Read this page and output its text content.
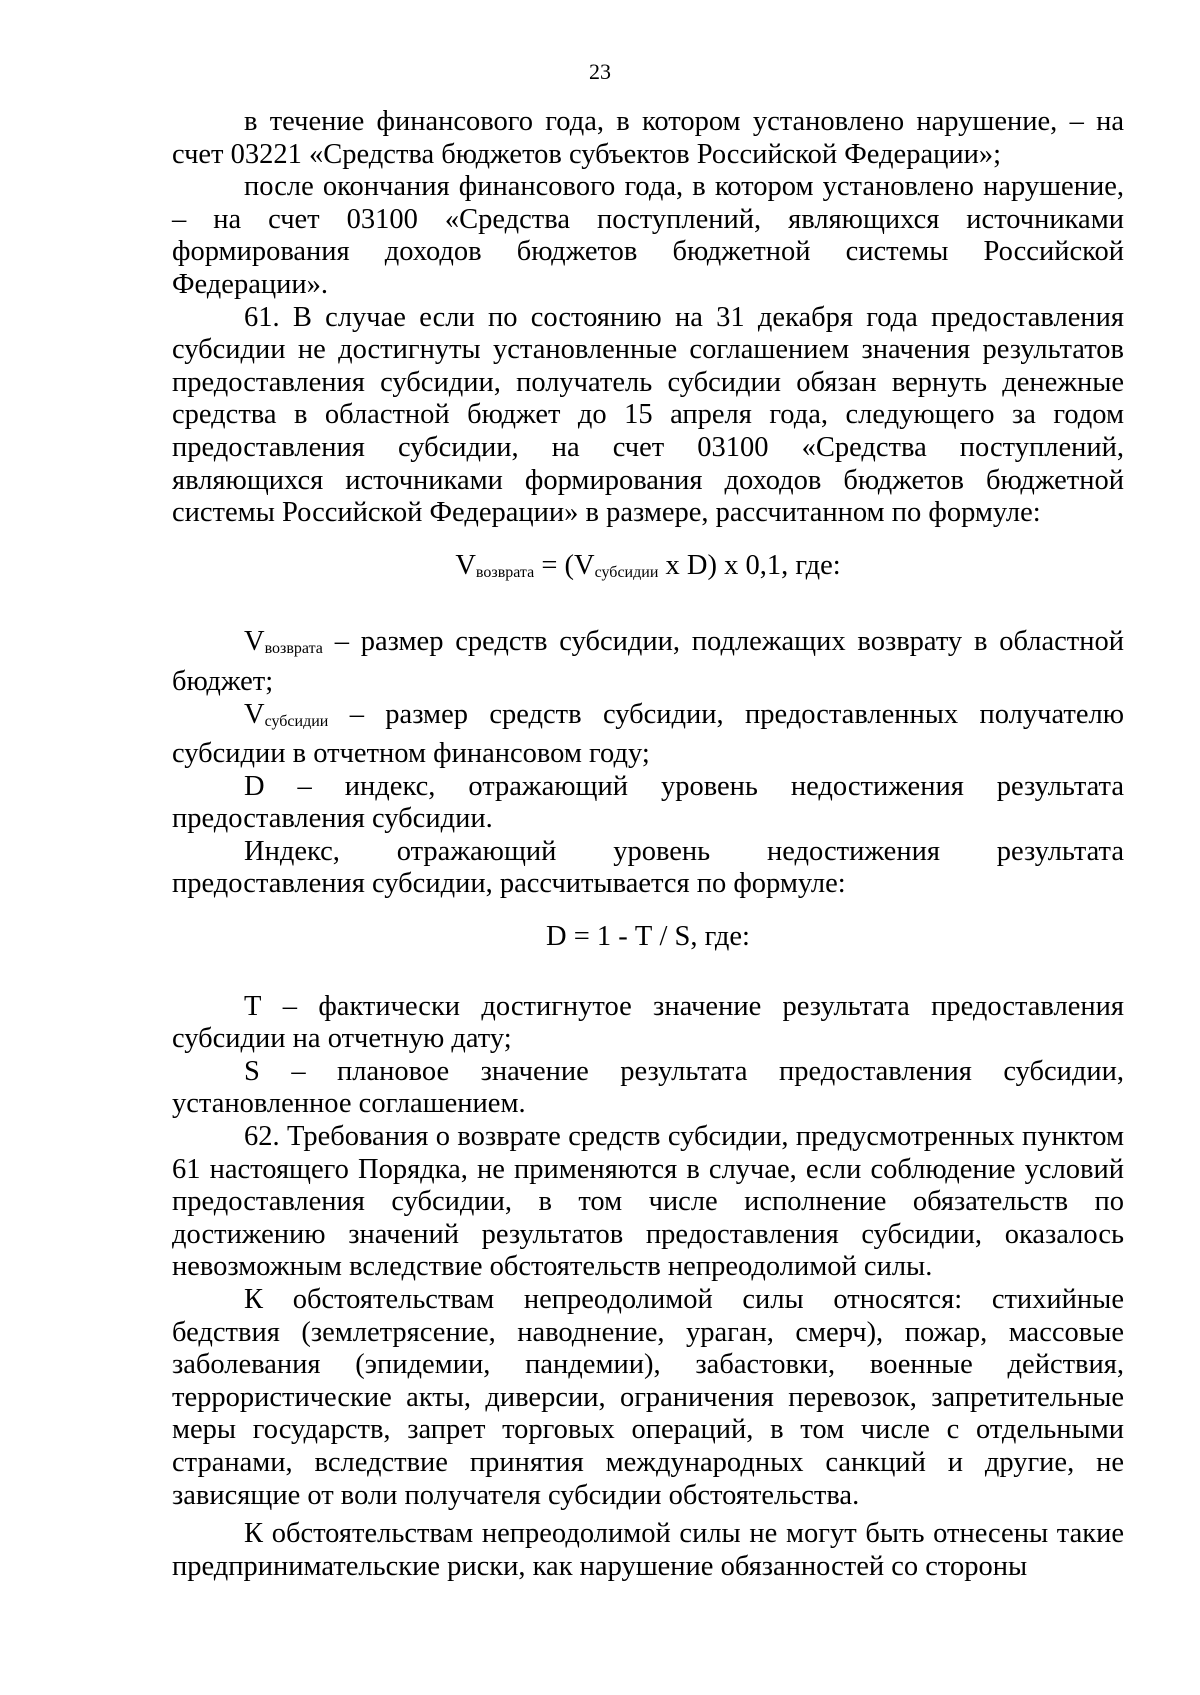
23

в течение финансового года, в котором установлено нарушение, – на счет 03221 «Средства бюджетов субъектов Российской Федерации»;

после окончания финансового года, в котором установлено нарушение, – на счет 03100 «Средства поступлений, являющихся источниками формирования доходов бюджетов бюджетной системы Российской Федерации».

61. В случае если по состоянию на 31 декабря года предоставления субсидии не достигнуты установленные соглашением значения результатов предоставления субсидии, получатель субсидии обязан вернуть денежные средства в областной бюджет до 15 апреля года, следующего за годом предоставления субсидии, на счет 03100 «Средства поступлений, являющихся источниками формирования доходов бюджетов бюджетной системы Российской Федерации» в размере, рассчитанном по формуле:

Vвозврата = (Vсубсидии x D) x 0,1, где:

Vвозврата – размер средств субсидии, подлежащих возврату в областной бюджет;

Vсубсидии – размер средств субсидии, предоставленных получателю субсидии в отчетном финансовом году;

D – индекс, отражающий уровень недостижения результата предоставления субсидии.

Индекс, отражающий уровень недостижения результата предоставления субсидии, рассчитывается по формуле:

D = 1 - Т / S, где:

Т – фактически достигнутое значение результата предоставления субсидии на отчетную дату;

S – плановое значение результата предоставления субсидии, установленное соглашением.

62. Требования о возврате средств субсидии, предусмотренных пунктом 61 настоящего Порядка, не применяются в случае, если соблюдение условий предоставления субсидии, в том числе исполнение обязательств по достижению значений результатов предоставления субсидии, оказалось невозможным вследствие обстоятельств непреодолимой силы.

К обстоятельствам непреодолимой силы относятся: стихийные бедствия (землетрясение, наводнение, ураган, смерч), пожар, массовые заболевания (эпидемии, пандемии), забастовки, военные действия, террористические акты, диверсии, ограничения перевозок, запретительные меры государств, запрет торговых операций, в том числе с отдельными странами, вследствие принятия международных санкций и другие, не зависящие от воли получателя субсидии обстоятельства.

К обстоятельствам непреодолимой силы не могут быть отнесены такие предпринимательские риски, как нарушение обязанностей со стороны
